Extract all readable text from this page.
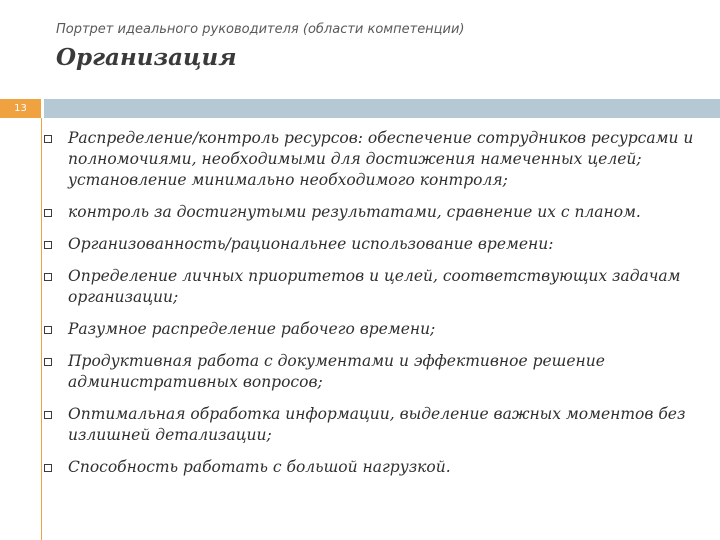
Портрет идеального руководителя (области компетенции)
Организация
13
Распределение/контроль ресурсов: обеспечение сотрудников ресурсами и полномочиями, необходимыми для достижения намеченных целей; установление минимально необходимого контроля;
контроль за достигнутыми результатами, сравнение их с планом.
Организованность/рациональнее использование времени:
Определение личных приоритетов и целей, соответствующих задачам организации;
Разумное распределение рабочего времени;
Продуктивная работа с документами и эффективное решение административных вопросов;
Оптимальная обработка информации, выделение важных моментов без излишней детализации;
Способность работать с большой нагрузкой.
